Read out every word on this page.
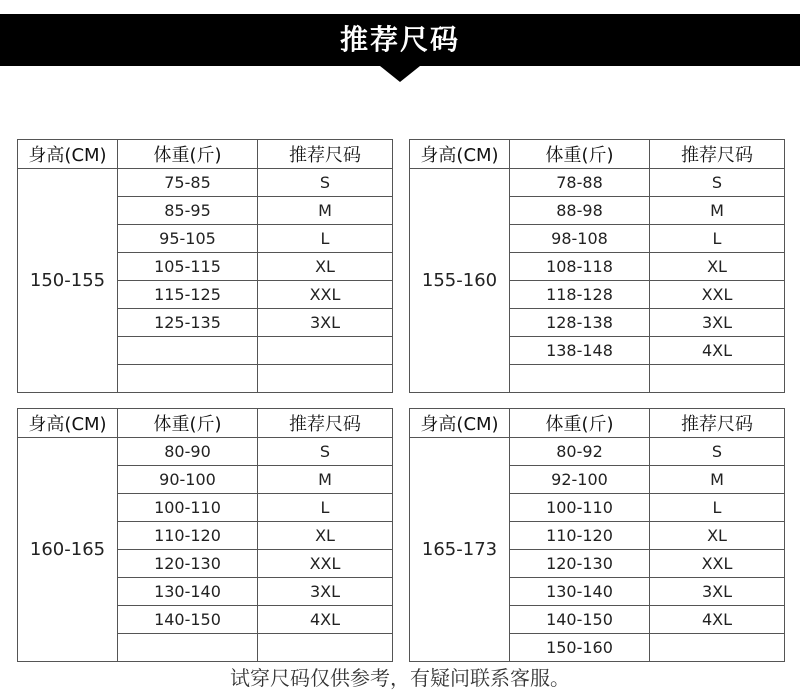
推荐尺码
身高(CM)	体重(斤)	推荐尺码
150-155	75-85	S
	85-95	M
	95-105	L
	105-115	XL
	115-125	XXL
	125-135	3XL

身高(CM)	体重(斤)	推荐尺码
155-160	78-88	S
	88-98	M
	98-108	L
	108-118	XL
	118-128	XXL
	128-138	3XL
	138-148	4XL

身高(CM)	体重(斤)	推荐尺码
160-165	80-90	S
	90-100	M
	100-110	L
	110-120	XL
	120-130	XXL
	130-140	3XL
	140-150	4XL

身高(CM)	体重(斤)	推荐尺码
165-173	80-92	S
	92-100	M
	100-110	L
	110-120	XL
	120-130	XXL
	130-140	3XL
	140-150	4XL
	150-160	
试穿尺码仅供参考，有疑问联系客服。
